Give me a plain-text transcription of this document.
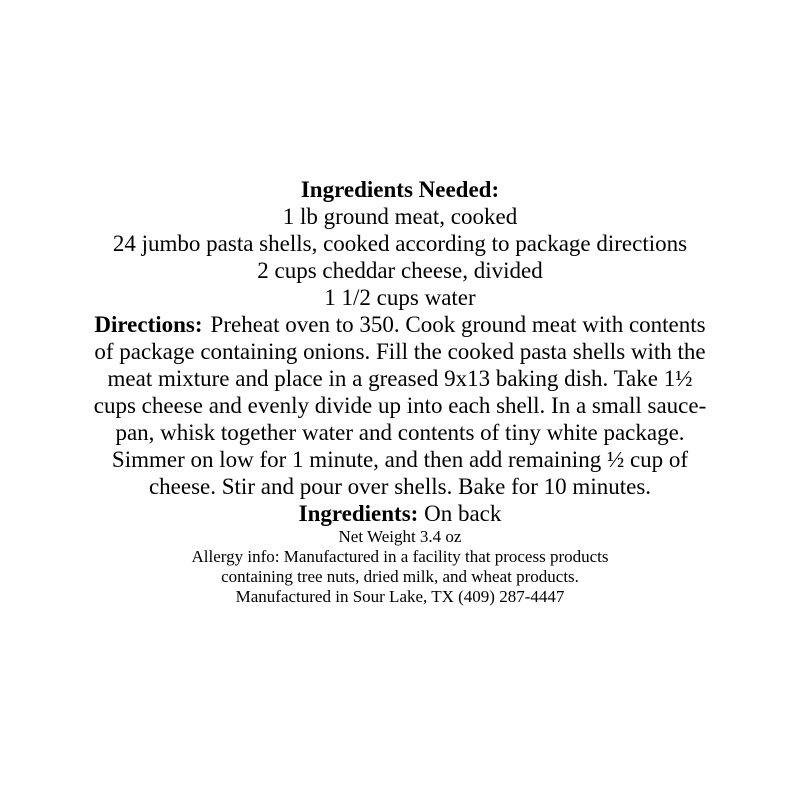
Ingredients Needed:
1 lb ground meat, cooked
24 jumbo pasta shells, cooked according to package directions
2 cups cheddar cheese, divided
1 1/2 cups water
Directions: Preheat oven to 350. Cook ground meat with contents
of package containing onions. Fill the cooked pasta shells with the
meat mixture and place in a greased 9x13 baking dish. Take 1½
cups cheese and evenly divide up into each shell. In a small sauce-
pan, whisk together water and contents of tiny white package.
Simmer on low for 1 minute, and then add remaining ½ cup of
cheese. Stir and pour over shells. Bake for 10 minutes.
Ingredients: On back
Net Weight 3.4 oz
Allergy info: Manufactured in a facility that process products
containing tree nuts, dried milk, and wheat products.
Manufactured in Sour Lake, TX (409) 287-4447
